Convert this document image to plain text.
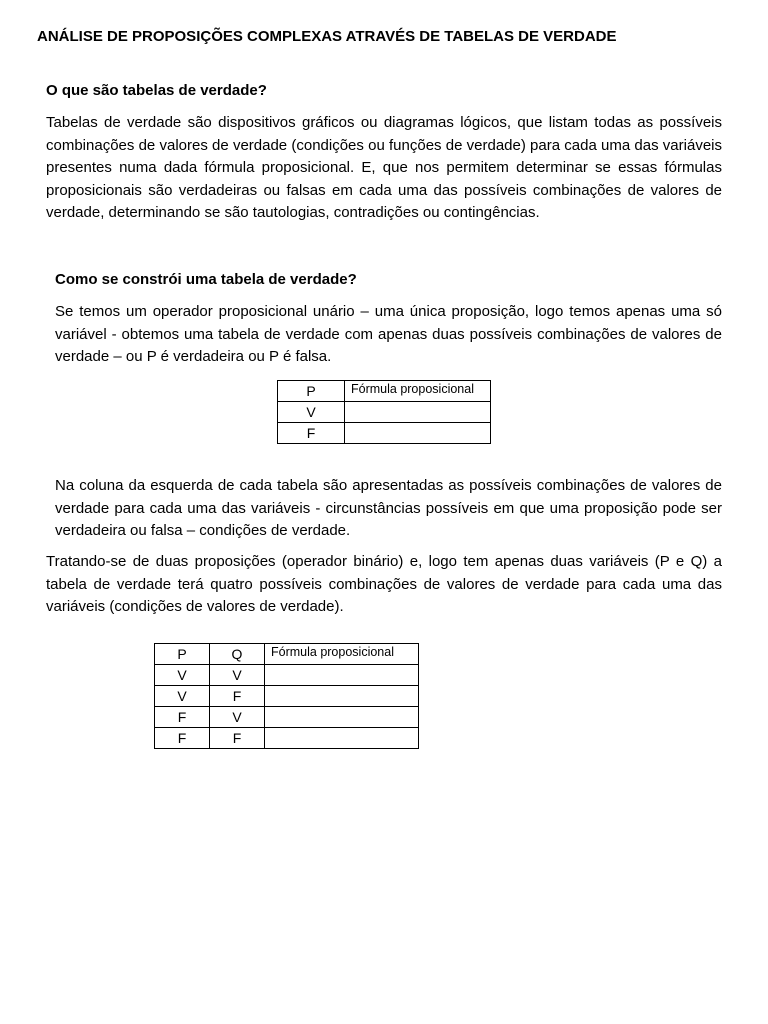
ANÁLISE DE PROPOSIÇÕES COMPLEXAS ATRAVÉS DE TABELAS DE VERDADE
O que são tabelas de verdade?
Tabelas de verdade são dispositivos gráficos ou diagramas lógicos, que listam todas as possíveis combinações de valores de verdade (condições ou funções de verdade) para cada uma das variáveis presentes numa dada fórmula proposicional. E, que nos permitem determinar se essas fórmulas proposicionais são verdadeiras ou falsas em cada uma das possíveis combinações de valores de verdade, determinando se são tautologias, contradições ou contingências.
Como se constrói uma tabela de verdade?
Se temos um operador proposicional unário – uma única proposição, logo temos apenas uma só variável - obtemos uma tabela de verdade com apenas duas possíveis combinações de valores de verdade – ou P é verdadeira ou P é falsa.
P	Fórmula proposicional
V	
F	
Na coluna da esquerda de cada tabela são apresentadas as possíveis combinações de valores de verdade para cada uma das variáveis - circunstâncias possíveis em que uma proposição pode ser verdadeira ou falsa – condições de verdade.
Tratando-se de duas proposições (operador binário) e, logo tem apenas duas variáveis (P e Q) a tabela de verdade terá quatro possíveis combinações de valores de verdade para cada uma das variáveis (condições de valores de verdade).
P	Q	Fórmula proposicional
V	V	
V	F	
F	V	
F	F	
